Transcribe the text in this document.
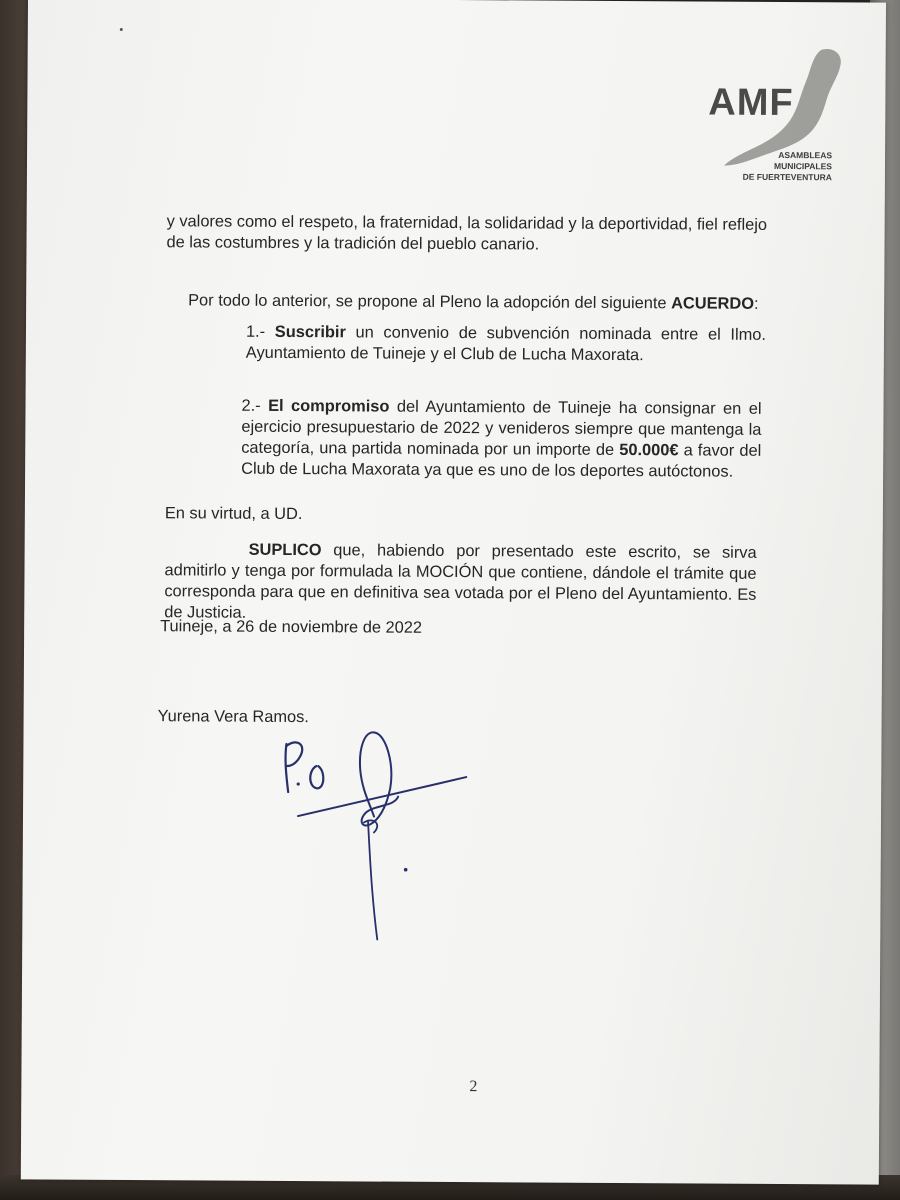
AMF
ASAMBLEAS
MUNICIPALES
DE FUERTEVENTURA

y valores como el respeto, la fraternidad, la solidaridad y la deportividad, fiel reflejo de las costumbres y la tradición del pueblo canario.

Por todo lo anterior, se propone al Pleno la adopción del siguiente ACUERDO:

1.- Suscribir un convenio de subvención nominada entre el Ilmo. Ayuntamiento de Tuineje y el Club de Lucha Maxorata.

2.- El compromiso del Ayuntamiento de Tuineje ha consignar en el ejercicio presupuestario de 2022 y venideros siempre que mantenga la categoría, una partida nominada por un importe de 50.000€ a favor del Club de Lucha Maxorata ya que es uno de los deportes autóctonos.

En su virtud, a UD.

SUPLICO que, habiendo por presentado este escrito, se sirva admitirlo y tenga por formulada la MOCIÓN que contiene, dándole el trámite que corresponda para que en definitiva sea votada por el Pleno del Ayuntamiento. Es de Justicia.

Tuineje, a 26 de noviembre de 2022

Yurena Vera Ramos.

2
